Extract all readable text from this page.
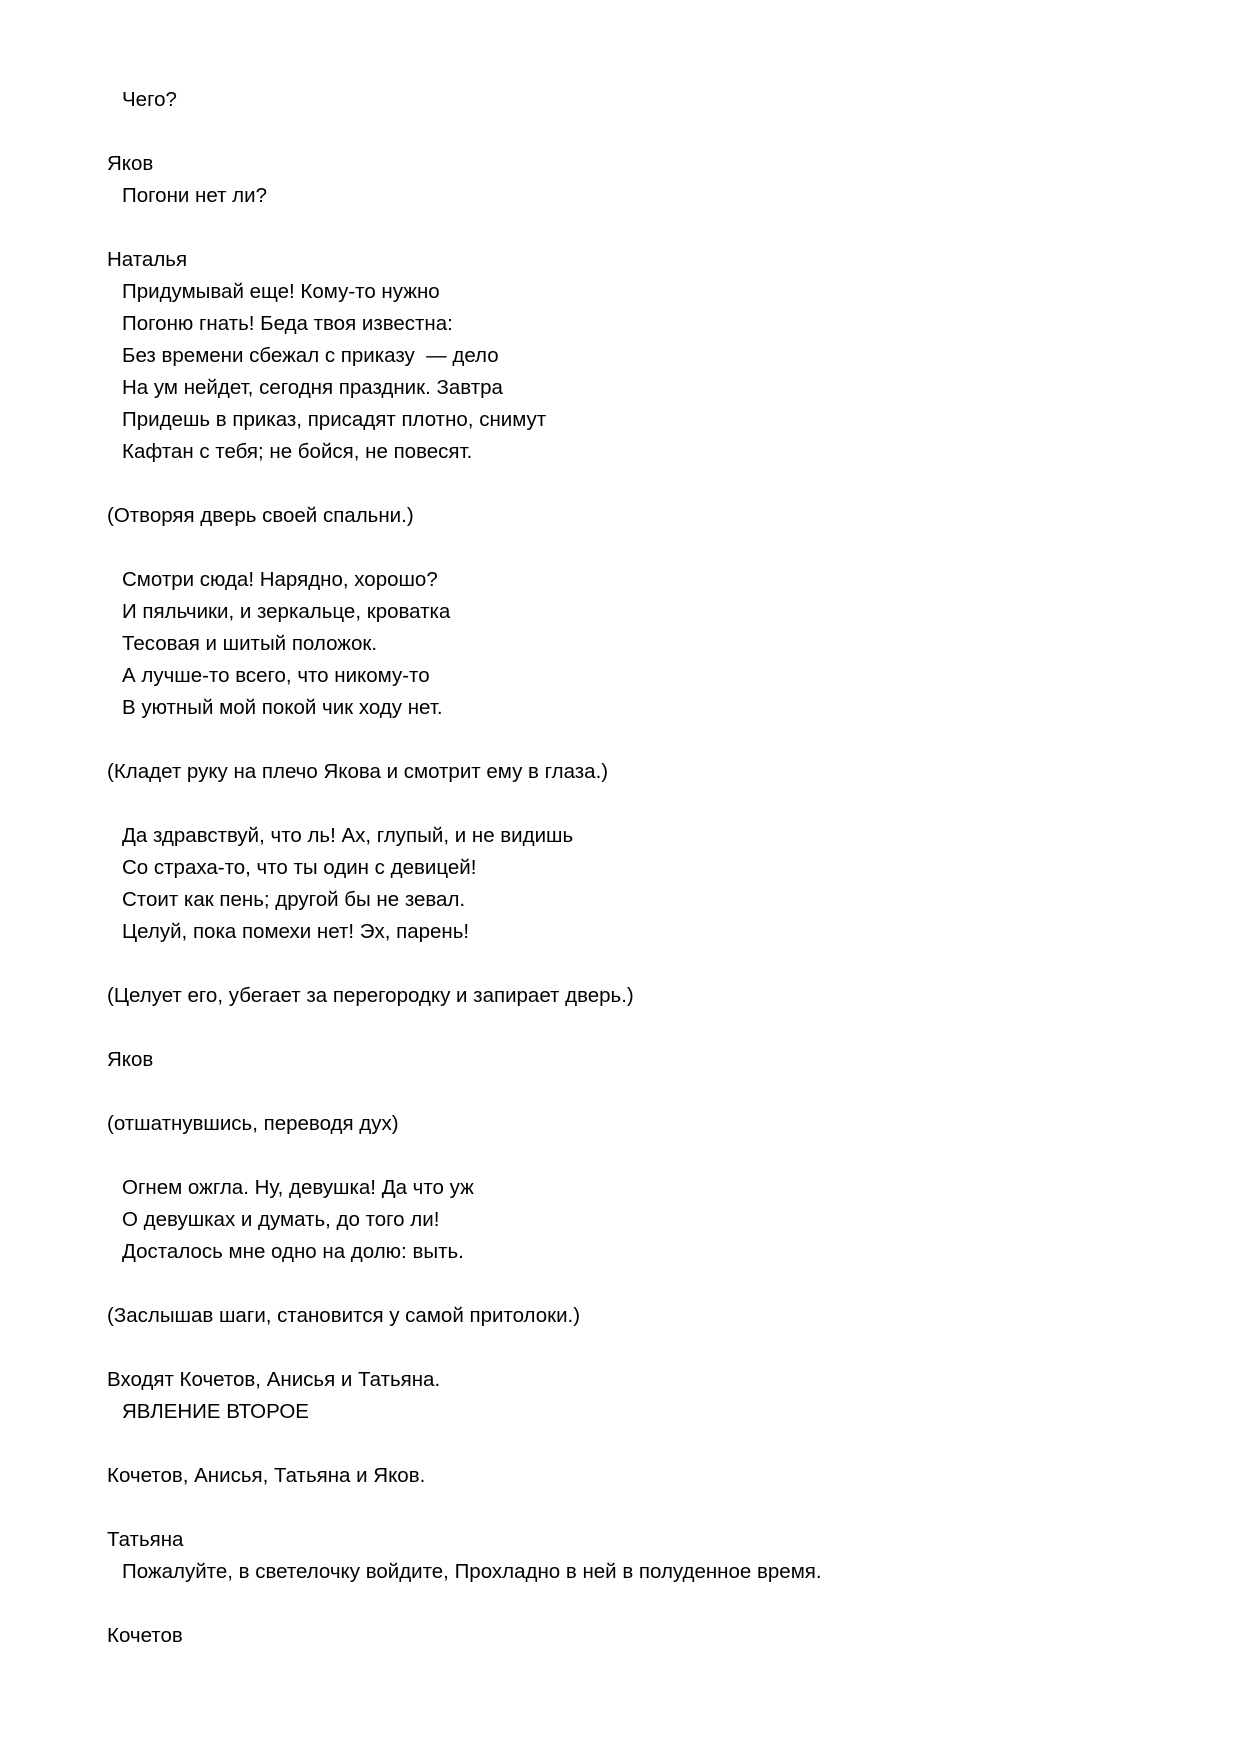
Чего?
Яков
Погони нет ли?
Наталья
Придумывай еще! Кому-то нужно
Погоню гнать! Беда твоя известна:
Без времени сбежал с приказу  — дело
На ум нейдет, сегодня праздник. Завтра
Придешь в приказ, присадят плотно, снимут
Кафтан с тебя; не бойся, не повесят.
(Отворяя дверь своей спальни.)
Смотри сюда! Нарядно, хорошо?
И пяльчики, и зеркальце, кроватка
Тесовая и шитый положок.
А лучше-то всего, что никому-то
В уютный мой покой чик ходу нет.
(Кладет руку на плечо Якова и смотрит ему в глаза.)
Да здравствуй, что ль! Ах, глупый, и не видишь
Со страха-то, что ты один с девицей!
Стоит как пень; другой бы не зевал.
Целуй, пока помехи нет! Эх, парень!
(Целует его, убегает за перегородку и запирает дверь.)
Яков
(отшатнувшись, переводя дух)
Огнем ожгла. Ну, девушка! Да что уж
О девушках и думать, до того ли!
Досталось мне одно на долю: выть.
(Заслышав шаги, становится у самой притолоки.)
Входят Кочетов, Анисья и Татьяна.
ЯВЛЕНИЕ ВТОРОЕ
Кочетов, Анисья, Татьяна и Яков.
Татьяна
Пожалуйте, в светелочку войдите, Прохладно в ней в полуденное время.
Кочетов
